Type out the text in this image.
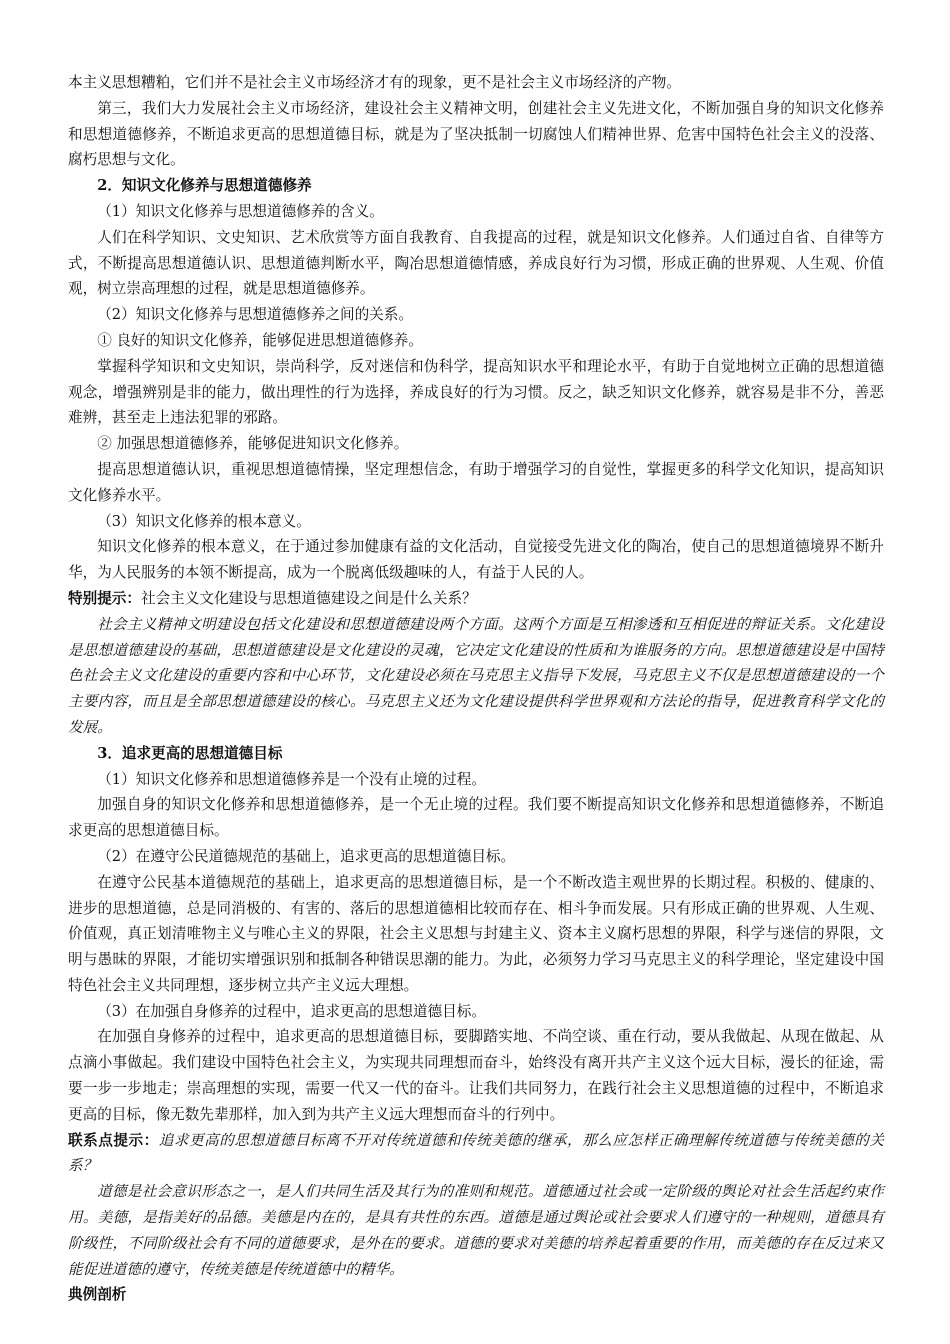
本主义思想糟粕，它们并不是社会主义市场经济才有的现象，更不是社会主义市场经济的产物。

第三，我们大力发展社会主义市场经济，建设社会主义精神文明，创建社会主义先进文化，不断加强自身的知识文化修养和思想道德修养，不断追求更高的思想道德目标，就是为了坚决抵制一切腐蚀人们精神世界、危害中国特色社会主义的没落、腐朽思想与文化。

2．知识文化修养与思想道德修养

（1）知识文化修养与思想道德修养的含义。

人们在科学知识、文史知识、艺术欣赏等方面自我教育、自我提高的过程，就是知识文化修养。人们通过自省、自律等方式，不断提高思想道德认识、思想道德判断水平，陶冶思想道德情感，养成良好行为习惯，形成正确的世界观、人生观、价值观，树立崇高理想的过程，就是思想道德修养。

（2）知识文化修养与思想道德修养之间的关系。

① 良好的知识文化修养，能够促进思想道德修养。

掌握科学知识和文史知识，崇尚科学，反对迷信和伪科学，提高知识水平和理论水平，有助于自觉地树立正确的思想道德观念，增强辨别是非的能力，做出理性的行为选择，养成良好的行为习惯。反之，缺乏知识文化修养，就容易是非不分，善恶难辨，甚至走上违法犯罪的邪路。

② 加强思想道德修养，能够促进知识文化修养。

提高思想道德认识，重视思想道德情操，坚定理想信念，有助于增强学习的自觉性，掌握更多的科学文化知识，提高知识文化修养水平。

（3）知识文化修养的根本意义。

知识文化修养的根本意义，在于通过参加健康有益的文化活动，自觉接受先进文化的陶冶，使自己的思想道德境界不断升华，为人民服务的本领不断提高，成为一个脱离低级趣味的人，有益于人民的人。

特别提示：社会主义文化建设与思想道德建设之间是什么关系？

社会主义精神文明建设包括文化建设和思想道德建设两个方面。这两个方面是互相渗透和互相促进的辩证关系。文化建设是思想道德建设的基础，思想道德建设是文化建设的灵魂，它决定文化建设的性质和为谁服务的方向。思想道德建设是中国特色社会主义文化建设的重要内容和中心环节，文化建设必须在马克思主义指导下发展，马克思主义不仅是思想道德建设的一个主要内容，而且是全部思想道德建设的核心。马克思主义还为文化建设提供科学世界观和方法论的指导，促进教育科学文化的发展。

3．追求更高的思想道德目标

（1）知识文化修养和思想道德修养是一个没有止境的过程。

加强自身的知识文化修养和思想道德修养，是一个无止境的过程。我们要不断提高知识文化修养和思想道德修养，不断追求更高的思想道德目标。

（2）在遵守公民道德规范的基础上，追求更高的思想道德目标。

在遵守公民基本道德规范的基础上，追求更高的思想道德目标，是一个不断改造主观世界的长期过程。积极的、健康的、进步的思想道德，总是同消极的、有害的、落后的思想道德相比较而存在、相斗争而发展。只有形成正确的世界观、人生观、价值观，真正划清唯物主义与唯心主义的界限，社会主义思想与封建主义、资本主义腐朽思想的界限，科学与迷信的界限，文明与愚昧的界限，才能切实增强识别和抵制各种错误思潮的能力。为此，必须努力学习马克思主义的科学理论，坚定建设中国特色社会主义共同理想，逐步树立共产主义远大理想。

（3）在加强自身修养的过程中，追求更高的思想道德目标。

在加强自身修养的过程中，追求更高的思想道德目标，要脚踏实地、不尚空谈、重在行动，要从我做起、从现在做起、从点滴小事做起。我们建设中国特色社会主义，为实现共同理想而奋斗，始终没有离开共产主义这个远大目标，漫长的征途，需要一步一步地走；崇高理想的实现，需要一代又一代的奋斗。让我们共同努力，在践行社会主义思想道德的过程中，不断追求更高的目标，像无数先辈那样，加入到为共产主义远大理想而奋斗的行列中。

联系点提示：追求更高的思想道德目标离不开对传统道德和传统美德的继承，那么应怎样正确理解传统道德与传统美德的关系？

道德是社会意识形态之一，是人们共同生活及其行为的准则和规范。道德通过社会或一定阶级的舆论对社会生活起约束作用。美德，是指美好的品德。美德是内在的，是具有共性的东西。道德是通过舆论或社会要求人们遵守的一种规则，道德具有阶级性，不同阶级社会有不同的道德要求，是外在的要求。道德的要求对美德的培养起着重要的作用，而美德的存在反过来又能促进道德的遵守，传统美德是传统道德中的精华。

典例剖析
